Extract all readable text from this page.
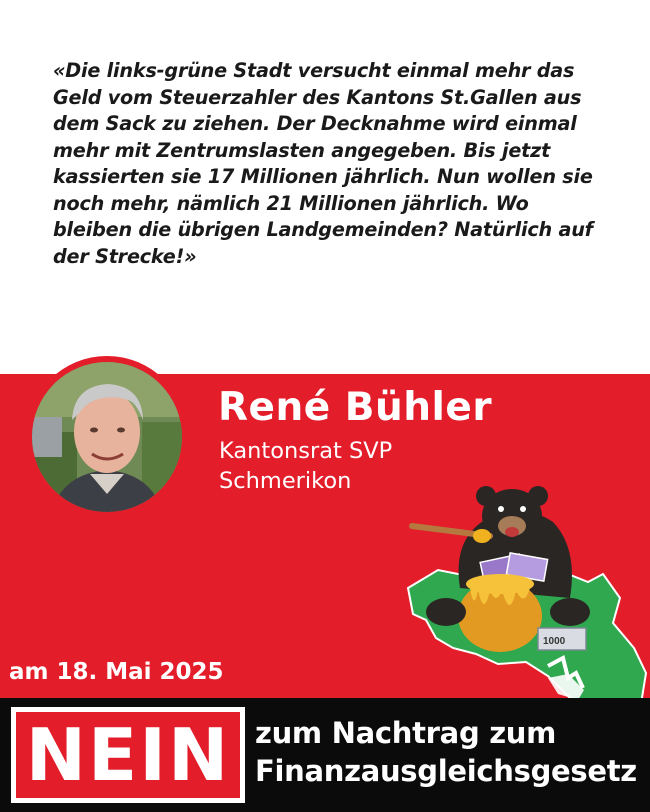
«Die links-grüne Stadt versucht einmal mehr das Geld vom Steuerzahler des Kantons St.Gallen aus dem Sack zu ziehen. Der Decknahme wird einmal mehr mit Zentrumslasten angegeben. Bis jetzt kassierten sie 17 Millionen jährlich. Nun wollen sie noch mehr, nämlich 21 Millionen jährlich. Wo bleiben die übrigen Landgemeinden? Natürlich auf der Strecke!»

René Bühler
Kantonsrat SVP
Schmerikon
am 18. Mai 2025
1000
NEIN zum Nachtrag zum
Finanzausgleichsgesetz
